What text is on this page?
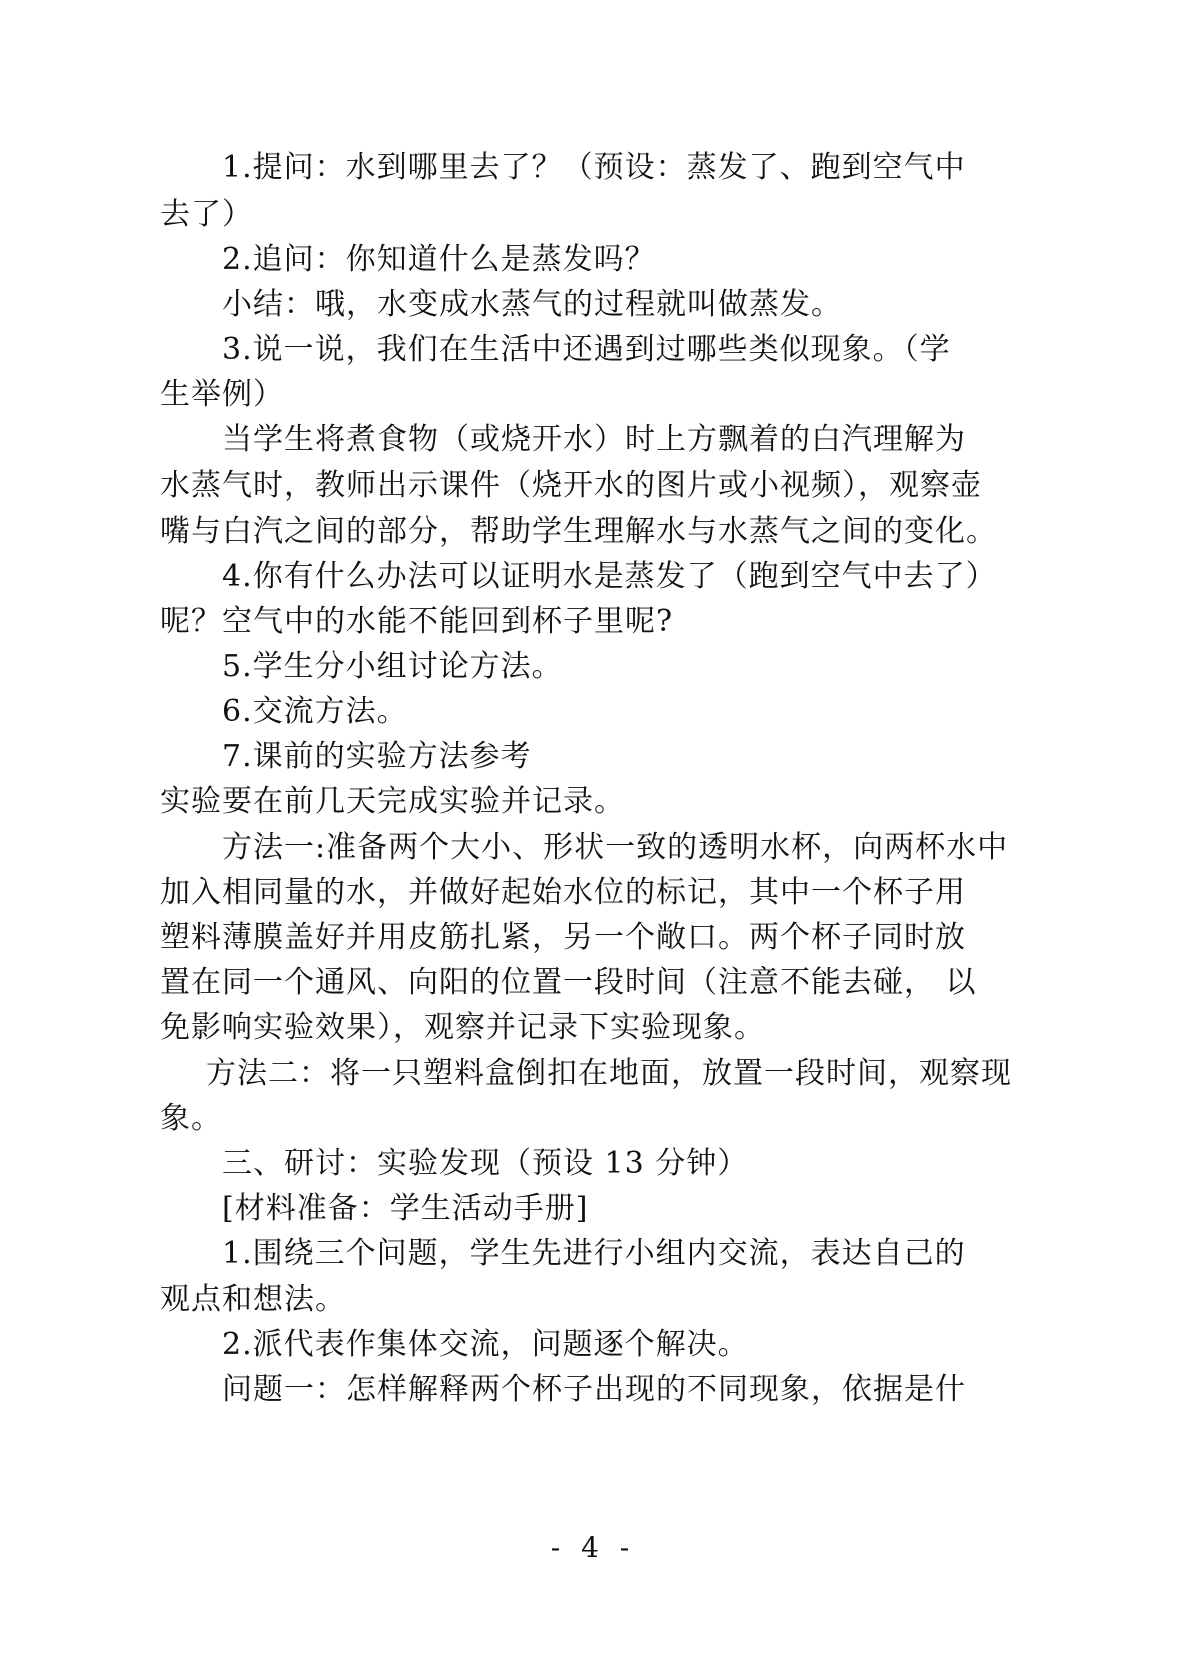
1.提问：水到哪里去了？（预设：蒸发了、跑到空气中
去了）
2.追问：你知道什么是蒸发吗？
小结：哦，水变成水蒸气的过程就叫做蒸发。
3.说一说，我们在生活中还遇到过哪些类似现象。（学
生举例）
当学生将煮食物（或烧开水）时上方飘着的白汽理解为
水蒸气时，教师出示课件（烧开水的图片或小视频），观察壶
嘴与白汽之间的部分，帮助学生理解水与水蒸气之间的变化。
4.你有什么办法可以证明水是蒸发了（跑到空气中去了）
呢？空气中的水能不能回到杯子里呢?
5.学生分小组讨论方法。
6.交流方法。
7.课前的实验方法参考
实验要在前几天完成实验并记录。
方法一:准备两个大小、形状一致的透明水杯，向两杯水中
加入相同量的水，并做好起始水位的标记，其中一个杯子用
塑料薄膜盖好并用皮筋扎紧，另一个敞口。两个杯子同时放
置在同一个通风、向阳的位置一段时间（注意不能去碰， 以
免影响实验效果），观察并记录下实验现象。
方法二：将一只塑料盒倒扣在地面，放置一段时间，观察现
象。
三、研讨：实验发现（预设 13 分钟）
[材料准备：学生活动手册]
1.围绕三个问题，学生先进行小组内交流，表达自己的
观点和想法。
2.派代表作集体交流，问题逐个解决。
问题一：怎样解释两个杯子出现的不同现象，依据是什
- 4 -
